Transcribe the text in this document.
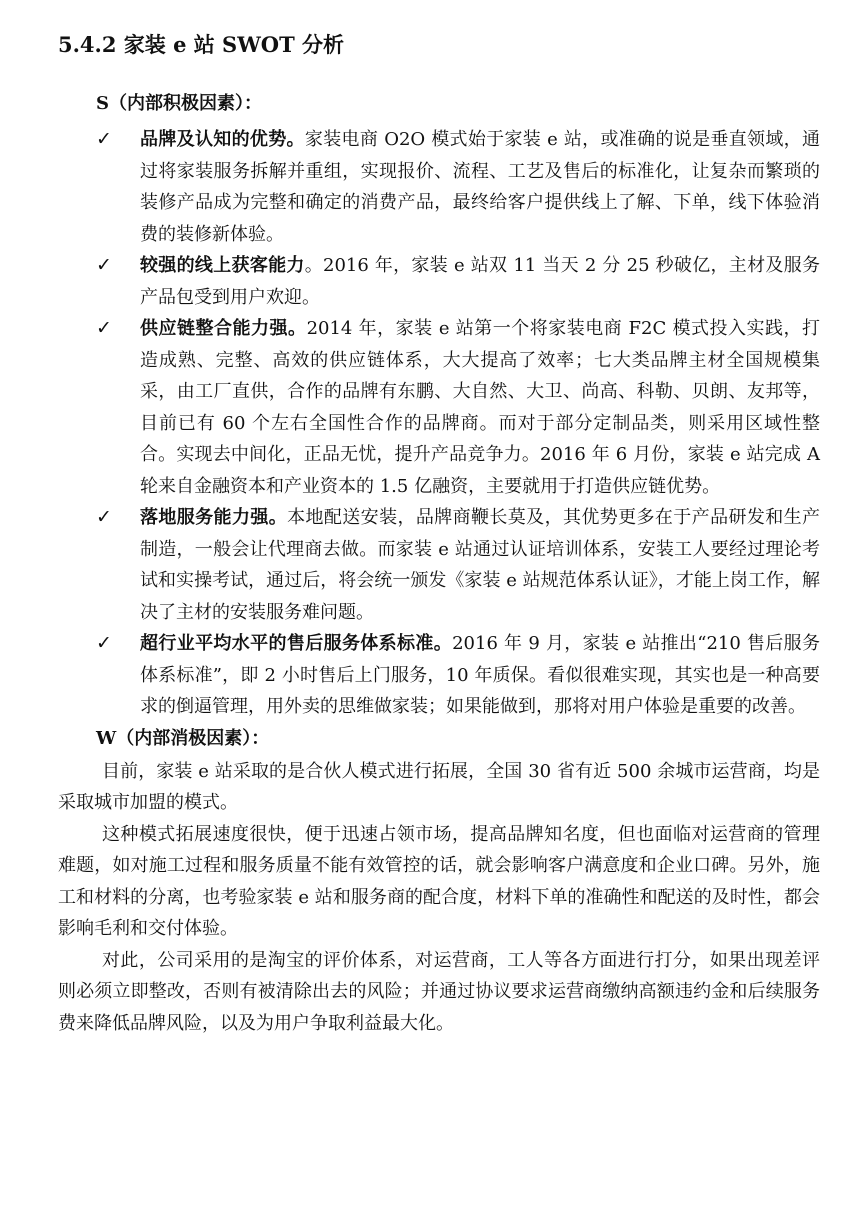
5.4.2 家装 e 站 SWOT 分析
S（内部积极因素）：
✓ 品牌及认知的优势。家装电商 O2O 模式始于家装 e 站，或准确的说是垂直领域，通过将家装服务拆解并重组，实现报价、流程、工艺及售后的标准化，让复杂而繁琐的装修产品成为完整和确定的消费产品，最终给客户提供线上了解、下单，线下体验消费的装修新体验。
✓ 较强的线上获客能力。2016 年，家装 e 站双 11 当天 2 分 25 秒破亿，主材及服务产品包受到用户欢迎。
✓ 供应链整合能力强。2014 年，家装 e 站第一个将家装电商 F2C 模式投入实践，打造成熟、完整、高效的供应链体系，大大提高了效率；七大类品牌主材全国规模集采，由工厂直供，合作的品牌有东鹏、大自然、大卫、尚高、科勒、贝朗、友邦等，目前已有 60 个左右全国性合作的品牌商。而对于部分定制品类，则采用区域性整合。实现去中间化，正品无忧，提升产品竞争力。2016 年 6 月份，家装 e 站完成 A 轮来自金融资本和产业资本的 1.5 亿融资，主要就用于打造供应链优势。
✓ 落地服务能力强。本地配送安装，品牌商鞭长莫及，其优势更多在于产品研发和生产制造，一般会让代理商去做。而家装 e 站通过认证培训体系，安装工人要经过理论考试和实操考试，通过后，将会统一颁发《家装 e 站规范体系认证》，才能上岗工作，解决了主材的安装服务难问题。
✓ 超行业平均水平的售后服务体系标准。2016 年 9 月，家装 e 站推出“210 售后服务体系标准”，即 2 小时售后上门服务，10 年质保。看似很难实现，其实也是一种高要求的倒逼管理，用外卖的思维做家装；如果能做到，那将对用户体验是重要的改善。
W（内部消极因素）：

目前，家装 e 站采取的是合伙人模式进行拓展，全国 30 省有近 500 余城市运营商，均是采取城市加盟的模式。

这种模式拓展速度很快，便于迅速占领市场，提高品牌知名度，但也面临对运营商的管理难题，如对施工过程和服务质量不能有效管控的话，就会影响客户满意度和企业口碑。另外，施工和材料的分离，也考验家装 e 站和服务商的配合度，材料下单的准确性和配送的及时性，都会影响毛利和交付体验。

对此，公司采用的是淘宝的评价体系，对运营商，工人等各方面进行打分，如果出现差评则必须立即整改，否则有被清除出去的风险；并通过协议要求运营商缴纳高额违约金和后续服务费来降低品牌风险，以及为用户争取利益最大化。
